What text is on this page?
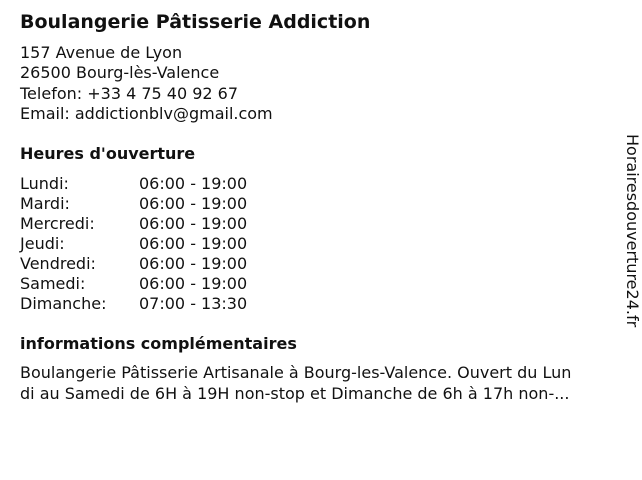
Boulangerie Pâtisserie Addiction
157 Avenue de Lyon
26500 Bourg-lès-Valence
Telefon: +33 4 75 40 92 67
Email: addictionblv@gmail.com
Heures d'ouverture
Lundi:	06:00 - 19:00
Mardi:	06:00 - 19:00
Mercredi:	06:00 - 19:00
Jeudi:	06:00 - 19:00
Vendredi:	06:00 - 19:00
Samedi:	06:00 - 19:00
Dimanche:	07:00 - 13:30
informations complémentaires
Boulangerie Pâtisserie Artisanale à Bourg-les-Valence. Ouvert du Lun
di au Samedi de 6H à 19H non-stop et Dimanche de 6h à 17h non-...
Horairesdouverture24.fr
